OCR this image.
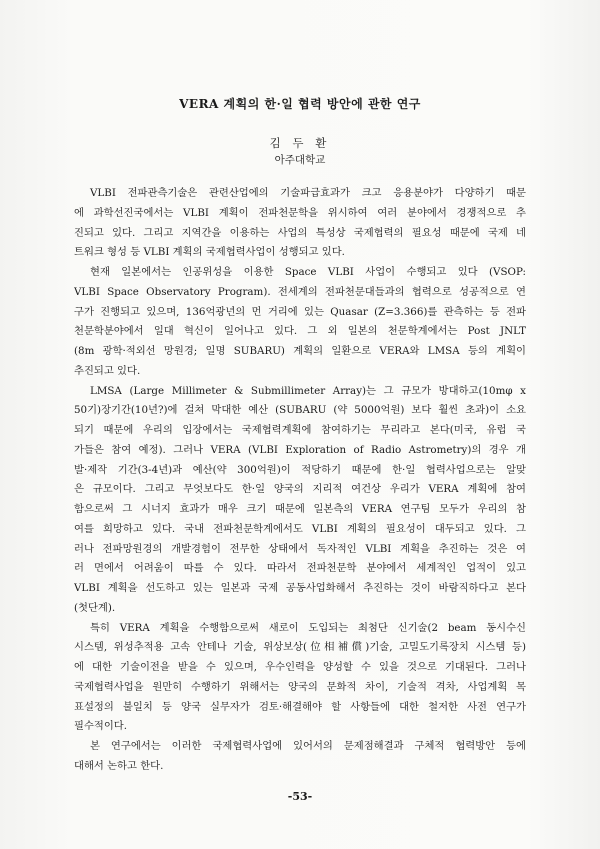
VERA 계획의 한·일 협력 방안에 관한 연구
김 두 환
아주대학교

VLBI 전파관측기술은 관련산업에의 기술파급효과가 크고 응용분야가 다양하기 때문
에 과학선진국에서는 VLBI 계획이 전파천문학을 위시하여 여러 분야에서 경쟁적으로 추
진되고 있다. 그리고 지역간을 이용하는 사업의 특성상 국제협력의 필요성 때문에 국제 네
트워크 형성 등 VLBI 계획의 국제협력사업이 성행되고 있다.

현재 일본에서는 인공위성을 이용한 Space VLBI 사업이 수행되고 있다 (VSOP:
VLBI Space Observatory Program). 전세계의 전파천문대들과의 협력으로 성공적으로 연
구가 진행되고 있으며, 136억광년의 먼 거리에 있는 Quasar (Z=3.366)를 관측하는 등 전파
천문학분야에서 일대 혁신이 일어나고 있다. 그 외 일본의 천문학계에서는 Post JNLT
(8m 광학·적외선 망원경; 일명 SUBARU) 계획의 일환으로 VERA와 LMSA 등의 계획이
추진되고 있다.

LMSA (Large Millimeter & Submillimeter Array)는 그 규모가 방대하고(10mφ x
50기)장기간(10년?)에 걸쳐 막대한 예산 (SUBARU (약 5000억원) 보다 훨씬 초과)이 소요
되기 때문에 우리의 입장에서는 국제협력계획에 참여하기는 무리라고 본다(미국, 유럽 국
가들은 참여 예정). 그러나 VERA (VLBI Exploration of Radio Astrometry)의 경우 개
발·제작 기간(3-4년)과 예산(약 300억원)이 적당하기 때문에 한·일 협력사업으로는 알맞
은 규모이다. 그리고 무엇보다도 한·일 양국의 지리적 여건상 우리가 VERA 계획에 참여
함으로써 그 시너지 효과가 매우 크기 때문에 일본측의 VERA 연구팀 모두가 우리의 참
여를 희망하고 있다. 국내 전파천문학계에서도 VLBI 계획의 필요성이 대두되고 있다. 그
러나 전파망원경의 개발경험이 전무한 상태에서 독자적인 VLBI 계획을 추진하는 것은 여
러 면에서 어려움이 따를 수 있다. 따라서 전파천문학 분야에서 세계적인 업적이 있고
VLBI 계획을 선도하고 있는 일본과 국제 공동사업화해서 추진하는 것이 바람직하다고 본다
(첫단계).

특히 VERA 계획을 수행함으로써 새로이 도입되는 최첨단 신기술(2 beam 동시수신
시스템, 위성추적용 고속 안테나 기술, 위상보상(位相補償)기술, 고밀도기록장치 시스템 등)
에 대한 기술이전을 받을 수 있으며, 우수인력을 양성할 수 있을 것으로 기대된다. 그러나
국제협력사업을 원만히 수행하기 위해서는 양국의 문화적 차이, 기술적 격차, 사업계획 목
표설정의 불일치 등 양국 실무자가 검토·해결해야 할 사항들에 대한 철저한 사전 연구가
필수적이다.

본 연구에서는 이러한 국제협력사업에 있어서의 문제점해결과 구체적 협력방안 등에
대해서 논하고 한다.

-53-
